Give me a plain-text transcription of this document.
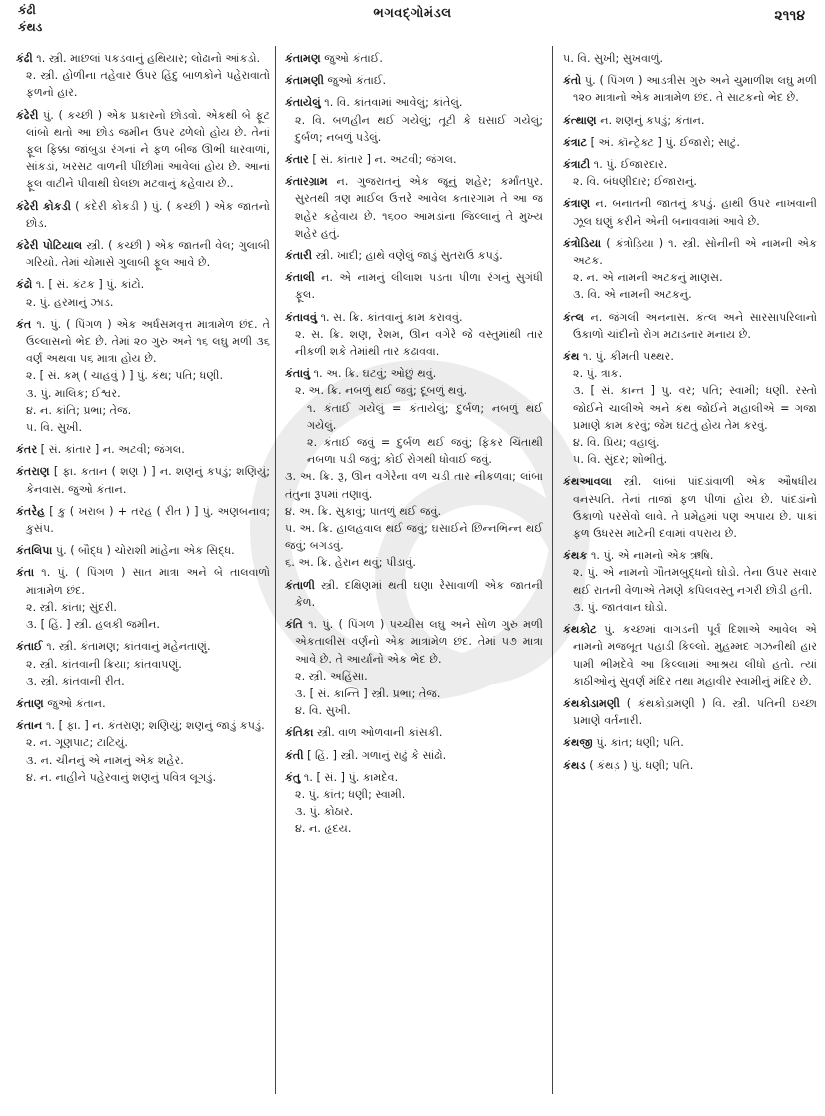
કંઢી
કંથડ
ભગવદ્ગોમંડલ	૨૧૧૪
કંઢી ૧. સ્ત્રી. માછલાં પકડવાનું હથિયાર; લોઢાનો આંકડો.
૨. સ્ત્રી. હોળીના તહેવાર ઉપર હિંદુ બાળકોને પહેરાવાતો ફળનો હાર.
કંઢેરી પું. ( કચ્છી ) એક પ્રકારનો છોડવો. એકથી બે ફૂટ લાંબો થતો આ છોડ જમીન ઉપર ઢળેલો હોય છે. તેનાં ફૂલ ફિક્કા જાંબુડા રંગનાં ને ફળ બીજ ઊભી ધારવાળાં, સાંકડાં, ખરસટ વાળની પીંછીમાં આવેલાં હોય છે. આનાં ફૂલ વાટીને પીવાથી ઘેલછા મટવાનું કહેવાય છે..
કંઢેરી કોકડી ( કંદેરી કોકડી ) પું. ( કચ્છી ) એક જાતનો છોડ.
કંઢેરી પોટિયાલ સ્ત્રી. ( કચ્છી ) એક જાતની વેલ; ગુલાબી ગરિયો. તેમાં ચોમાસે ગુલાબી ફૂલ આવે છે.
કંઢો ૧. [ સં. કંટક ] પું. કાંટો.
૨. પું. હરમાનું ઝાડ.
કંત ૧. પું. ( પિંગળ ) એક અર્ધસમવૃત્ત માત્રામેળ છંદ. તે ઉલ્લાસનો ભેદ છે. તેમાં ૨૦ ગુરુ અને ૧૬ લઘુ મળી ૩૬ વર્ણ અથવા ૫૬ માત્રા હોય છે.
૨. [ સં. કમ્ ( ચાહવું ) ] પું. કંથ; પતિ; ધણી.
૩. પું. માલિક; ઈશ્વર.
૪. ન. કાંતિ; પ્રભા; તેજ.
૫. વિ. સુખી.
કંતર [ સં. કાંતાર ] ન. અટવી; જંગલ.
કંતરાણ [ ફા. કતાન ( શણ ) ] ન. શણનું કપડું; શણિયું; કેનવાસ. જુઓ કંતાન.
કંતરેહ [ કુ ( ખરાબ ) + તરહ ( રીત ) ] પું. અણબનાવ; કુસંપ.
કંતલિપા પું. ( બૌદ્ધ ) ચોરાશી માંહેના એક સિદ્ધ.
કંતા ૧. પું. ( પિંગળ ) સાત માત્રા અને બે તાલવાળો માત્રામેળ છંદ.
૨. સ્ત્રી. કાંતા; સુંદરી.
૩. [ હિં. ] સ્ત્રી. હલકી જમીન.
કંતાઈ ૧. સ્ત્રી. કંતામણ; કાંતવાનું મહેનતાણું.
૨. સ્ત્રી. કાંતવાની ક્રિયા; કાંતવાપણું.
૩. સ્ત્રી. કાંતવાની રીત.
કંતાણ જુઓ કંતાન.
કંતાન ૧. [ ફા. ] ન. કંતરાણ; શણિયું; શણનું જાડું કપડું.
૨. ન. ગૂણપાટ; ટાટિયું.
૩. ન. ચીનનું એ નામનું એક શહેર.
૪. ન. નાહીને પહેરવાનું શણનું પવિત્ર લૂગડું.
કંતામણ જુઓ કંતાઈ.
કંતામણી જુઓ કંતાઈ.
કંતાયેલું ૧. વિ. કાંતવામાં આવેલું; કાંતેલું.
૨. વિ. બળહીન થઈ ગયેલું; તૂટી કે ઘસાઈ ગયેલું; દુર્બળ; નબળું પડેલું.
કંતાર [ સં. કાંતાર ] ન. અટવી; જંગલ.
કંતારગ્રામ ન. ગુજરાતનું એક જૂનું શહેર; કર્માંતપુર. સુરતથી ત્રણ માઈલ ઉત્તરે આવેલ કતારગામ તે આ જ શહેર કહેવાય છે. ૧૬૦૦ આમડાંના જિલ્લાનું તે મુખ્ય શહેર હતું.
કંતારી સ્ત્રી. ખાદી; હાથે વણેલું જાડું સુતરાઉ કપડું.
કંતાલી ન. એ નામનું લીલાશ પડતા પીળા રંગનું સુગંધી ફૂલ.
કંતાવવું ૧. સ. ક્રિ. કાંતવાનું કામ કરાવવું.
૨. સ. ક્રિ. શણ, રેશમ, ઊન વગેરે જે વસ્તુમાંથી તાર નીકળી શકે તેમાંથી તાર કઢાવવા.
કંતાવું ૧. અ. ક્રિ. ઘટવું; ઓછું થવું.
૨. અ. ક્રિ. નબળું થઈ જવું; દૂબળું થવું.
૧. કંતાઈ ગયેલું = કંતાયેલું; દુર્બળ; નબળું થઈ ગયેલું.
૨. કંતાઈ જવું = દુર્બળ થઈ જવું; ફિકર ચિંતાથી નબળા પડી જવું; કોઈ રોગથી ધોવાઈ જવું.
૩. અ. ક્રિ. રૂ, ઊન વગેરેના વળ ચડી તાર નીકળવા; લાંબા તંતુના રૂપમાં તણાવું.
૪. અ. ક્રિ. સુકાવું; પાતળું થઈ જવું.
૫. અ. ક્રિ. હાલહવાલ થઈ જવું; ઘસાઈને છિન્નભિન્ન થઈ જવું; બગડવું.
૬. અ. ક્રિ. હેરાન થવું; પીડાવું.
કંતાળી સ્ત્રી. દક્ષિણમાં થતી ઘણા રેસાવાળી એક જાતની કેળ.
કંતિ ૧. પું. ( પિંગળ ) પચ્ચીસ લઘુ અને સોળ ગુરુ મળી એકતાલીસ વર્ણનો એક માત્રામેળ છંદ. તેમાં ૫૭ માત્રા આવે છે. તે આર્યાનો એક ભેદ છે.
૨. સ્ત્રી. અહિંસા.
૩. [ સં. કાન્તિ ] સ્ત્રી. પ્રભા; તેજ.
૪. વિ. સુખી.
કંતિકા સ્ત્રી. વાળ ઓળવાની કાંસકી.
કંતી [ હિં. ] સ્ત્રી. ગળાનું રાઢું કે સાંઢો.
કંતુ ૧. [ સં. ] પું. કામદેવ.
૨. પું. કાંત; ધણી; સ્વામી.
૩. પું. કોઠાર.
૪. ન. હૃદય.
૫. વિ. સુખી; સુખવાળું.
કંતો પું. ( પિંગળ ) આડત્રીસ ગુરુ અને ચુમાળીશ લઘુ મળી ૧૨૦ માત્રાનો એક માત્રામેળ છંદ. તે સાટકનો ભેદ છે.
કંત્થાણ ન. શણનું કપડું; કંતાન.
કંત્રાટ [ અં. કૉન્ટ્રેક્ટ ] પું. ઈજારો; સાટું.
કંત્રાટી ૧. પું. ઈજારદાર.
૨. વિ. બંધણીદાર; ઈજારાનું.
કંત્રાણ ન. બનાતની જાતનું કપડું. હાથી ઉપર નાખવાની ઝૂલ ઘણું કરીને એની બનાવવામાં આવે છે.
કંત્રોડિયા ( કંત્રોડ઼િયા ) ૧. સ્ત્રી. સોનીની એ નામની એક અટક.
૨. ન. એ નામની અટકનું માણસ.
૩. વિ. એ નામની અટકનું.
કંત્લ ન. જંગલી અનનાસ. કંત્લ અને સારસાપરિલાનો ઉકાળો ચાંદીનો રોગ મટાડનાર મનાય છે.
કંથ ૧. પું. કીમતી પથ્થર.
૨. પું. ત્રાક.
૩. [ સં. કાન્ત ] પુ. વર; પતિ; સ્વામી; ધણી. રસ્તો જોઈને ચાલીએ અને કંથ જોઈને મહાલીએ = ગજા પ્રમાણે કામ કરવું; જેમ ઘટતું હોય તેમ કરવું.
૪. વિ. પ્રિય; વહાલું.
૫. વિ. સુંદર; શોભીતું.
કંથઆવલા સ્ત્રી. લાંબાં પાંદડાંવાળી એક ઔષધીય વનસ્પતિ. તેનાં તાજાં ફળ પીળાં હોય છે. પાંદડાંનો ઉકાળો પરસેવો લાવે. તે પ્રમેહમાં પણ અપાય છે. પાકાં ફળ ઉધરસ માટેની દવામાં વપરાય છે.
કંથક ૧. પું. એ નામનો એક ઋષિ.
૨. પું. એ નામનો ગૌતમબુદ્ધનો ઘોડો. તેના ઉપર સવાર થઈ રાતની વેળાએ તેમણે કપિલવસ્તુ નગરી છોડી હતી.
૩. પું. જાતવાન ઘોડો.
કંથકોટ પું. કચ્છમાં વાગડની પૂર્વ દિશાએ આવેલ એ નામનો મજબૂત પહાડી કિલ્લો. મુહમ્મદ ગઝનીથી હાર પામી ભીમદેવે આ કિલ્લામાં આશ્રય લીધો હતો. ત્યાં કાઠીઓનું સુવર્ણ મંદિર તથા મહાવીર સ્વામીનું મંદિર છે.
કંથકોડામણી ( કંથકોડ઼ામણી ) વિ. સ્ત્રી. પતિની ઇચ્છા પ્રમાણે વર્તનારી.
કંથજી પું. કાંત; ધણી; પતિ.
કંથડ ( કંથડ઼ ) પું. ધણી; પતિ.
